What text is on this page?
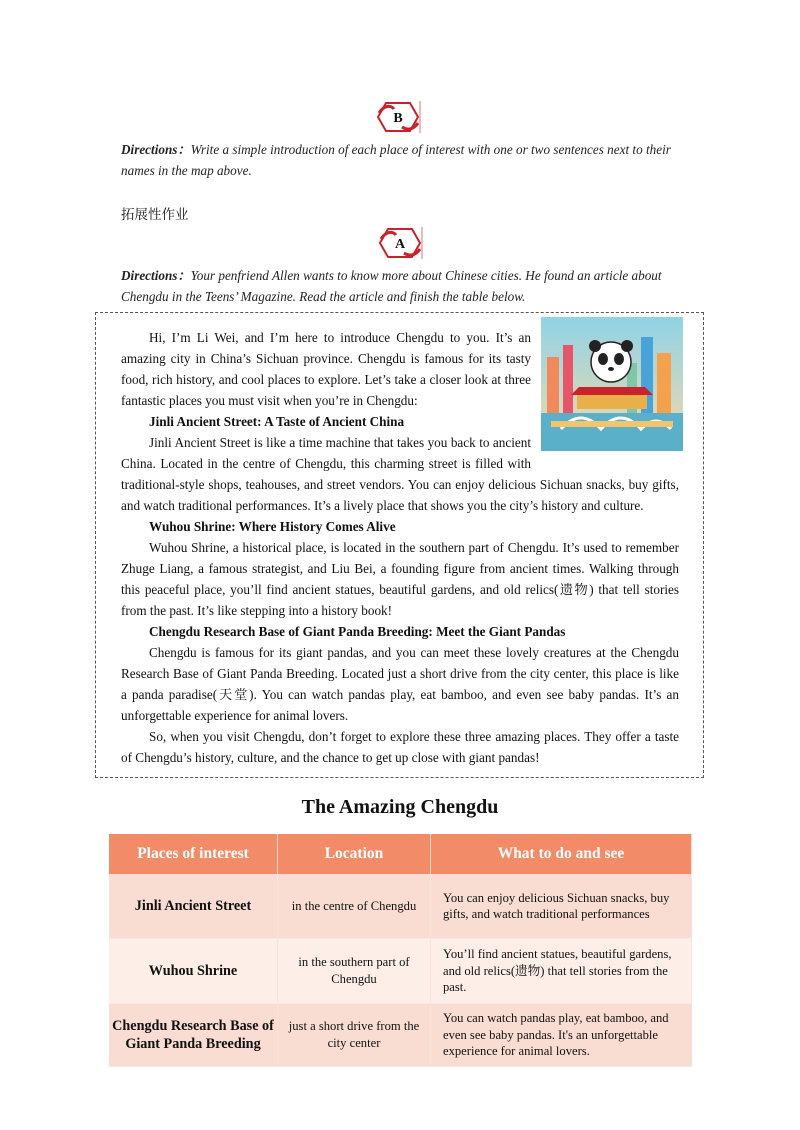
B
Directions：Write a simple introduction of each place of interest with one or two sentences next to their names in the map above.
拓展性作业
A
Directions：Your penfriend Allen wants to know more about Chinese cities. He found an article about Chengdu in the Teens’ Magazine. Read the article and finish the table below.

Hi, I’m Li Wei, and I’m here to introduce Chengdu to you. It’s an amazing city in China’s Sichuan province. Chengdu is famous for its tasty food, rich history, and cool places to explore. Let’s take a closer look at three fantastic places you must visit when you’re in Chengdu:

Jinli Ancient Street: A Taste of Ancient China

Jinli Ancient Street is like a time machine that takes you back to ancient China. Located in the centre of Chengdu, this charming street is filled with traditional-style shops, teahouses, and street vendors. You can enjoy delicious Sichuan snacks, buy gifts, and watch traditional performances. It’s a lively place that shows you the city’s history and culture.

Wuhou Shrine: Where History Comes Alive

Wuhou Shrine, a historical place, is located in the southern part of Chengdu. It’s used to remember Zhuge Liang, a famous strategist, and Liu Bei, a founding figure from ancient times. Walking through this peaceful place, you’ll find ancient statues, beautiful gardens, and old relics(遗物) that tell stories from the past. It’s like stepping into a history book!

Chengdu Research Base of Giant Panda Breeding: Meet the Giant Pandas

Chengdu is famous for its giant pandas, and you can meet these lovely creatures at the Chengdu Research Base of Giant Panda Breeding. Located just a short drive from the city center, this place is like a panda paradise(天堂). You can watch pandas play, eat bamboo, and even see baby pandas. It’s an unforgettable experience for animal lovers.

So, when you visit Chengdu, don’t forget to explore these three amazing places. They offer a taste of Chengdu’s history, culture, and the chance to get up close with giant pandas!

The Amazing Chengdu
Places of interest	Location	What to do and see
Jinli Ancient Street	in the centre of Chengdu	You can enjoy delicious Sichuan snacks, buy gifts, and watch traditional performances
Wuhou Shrine	in the southern part of Chengdu	You’ll find ancient statues, beautiful gardens, and old relics(遗物) that tell stories from the past.
Chengdu Research Base of Giant Panda Breeding	just a short drive from the city center	You can watch pandas play, eat bamboo, and even see baby pandas. It's an unforgettable experience for animal lovers.
